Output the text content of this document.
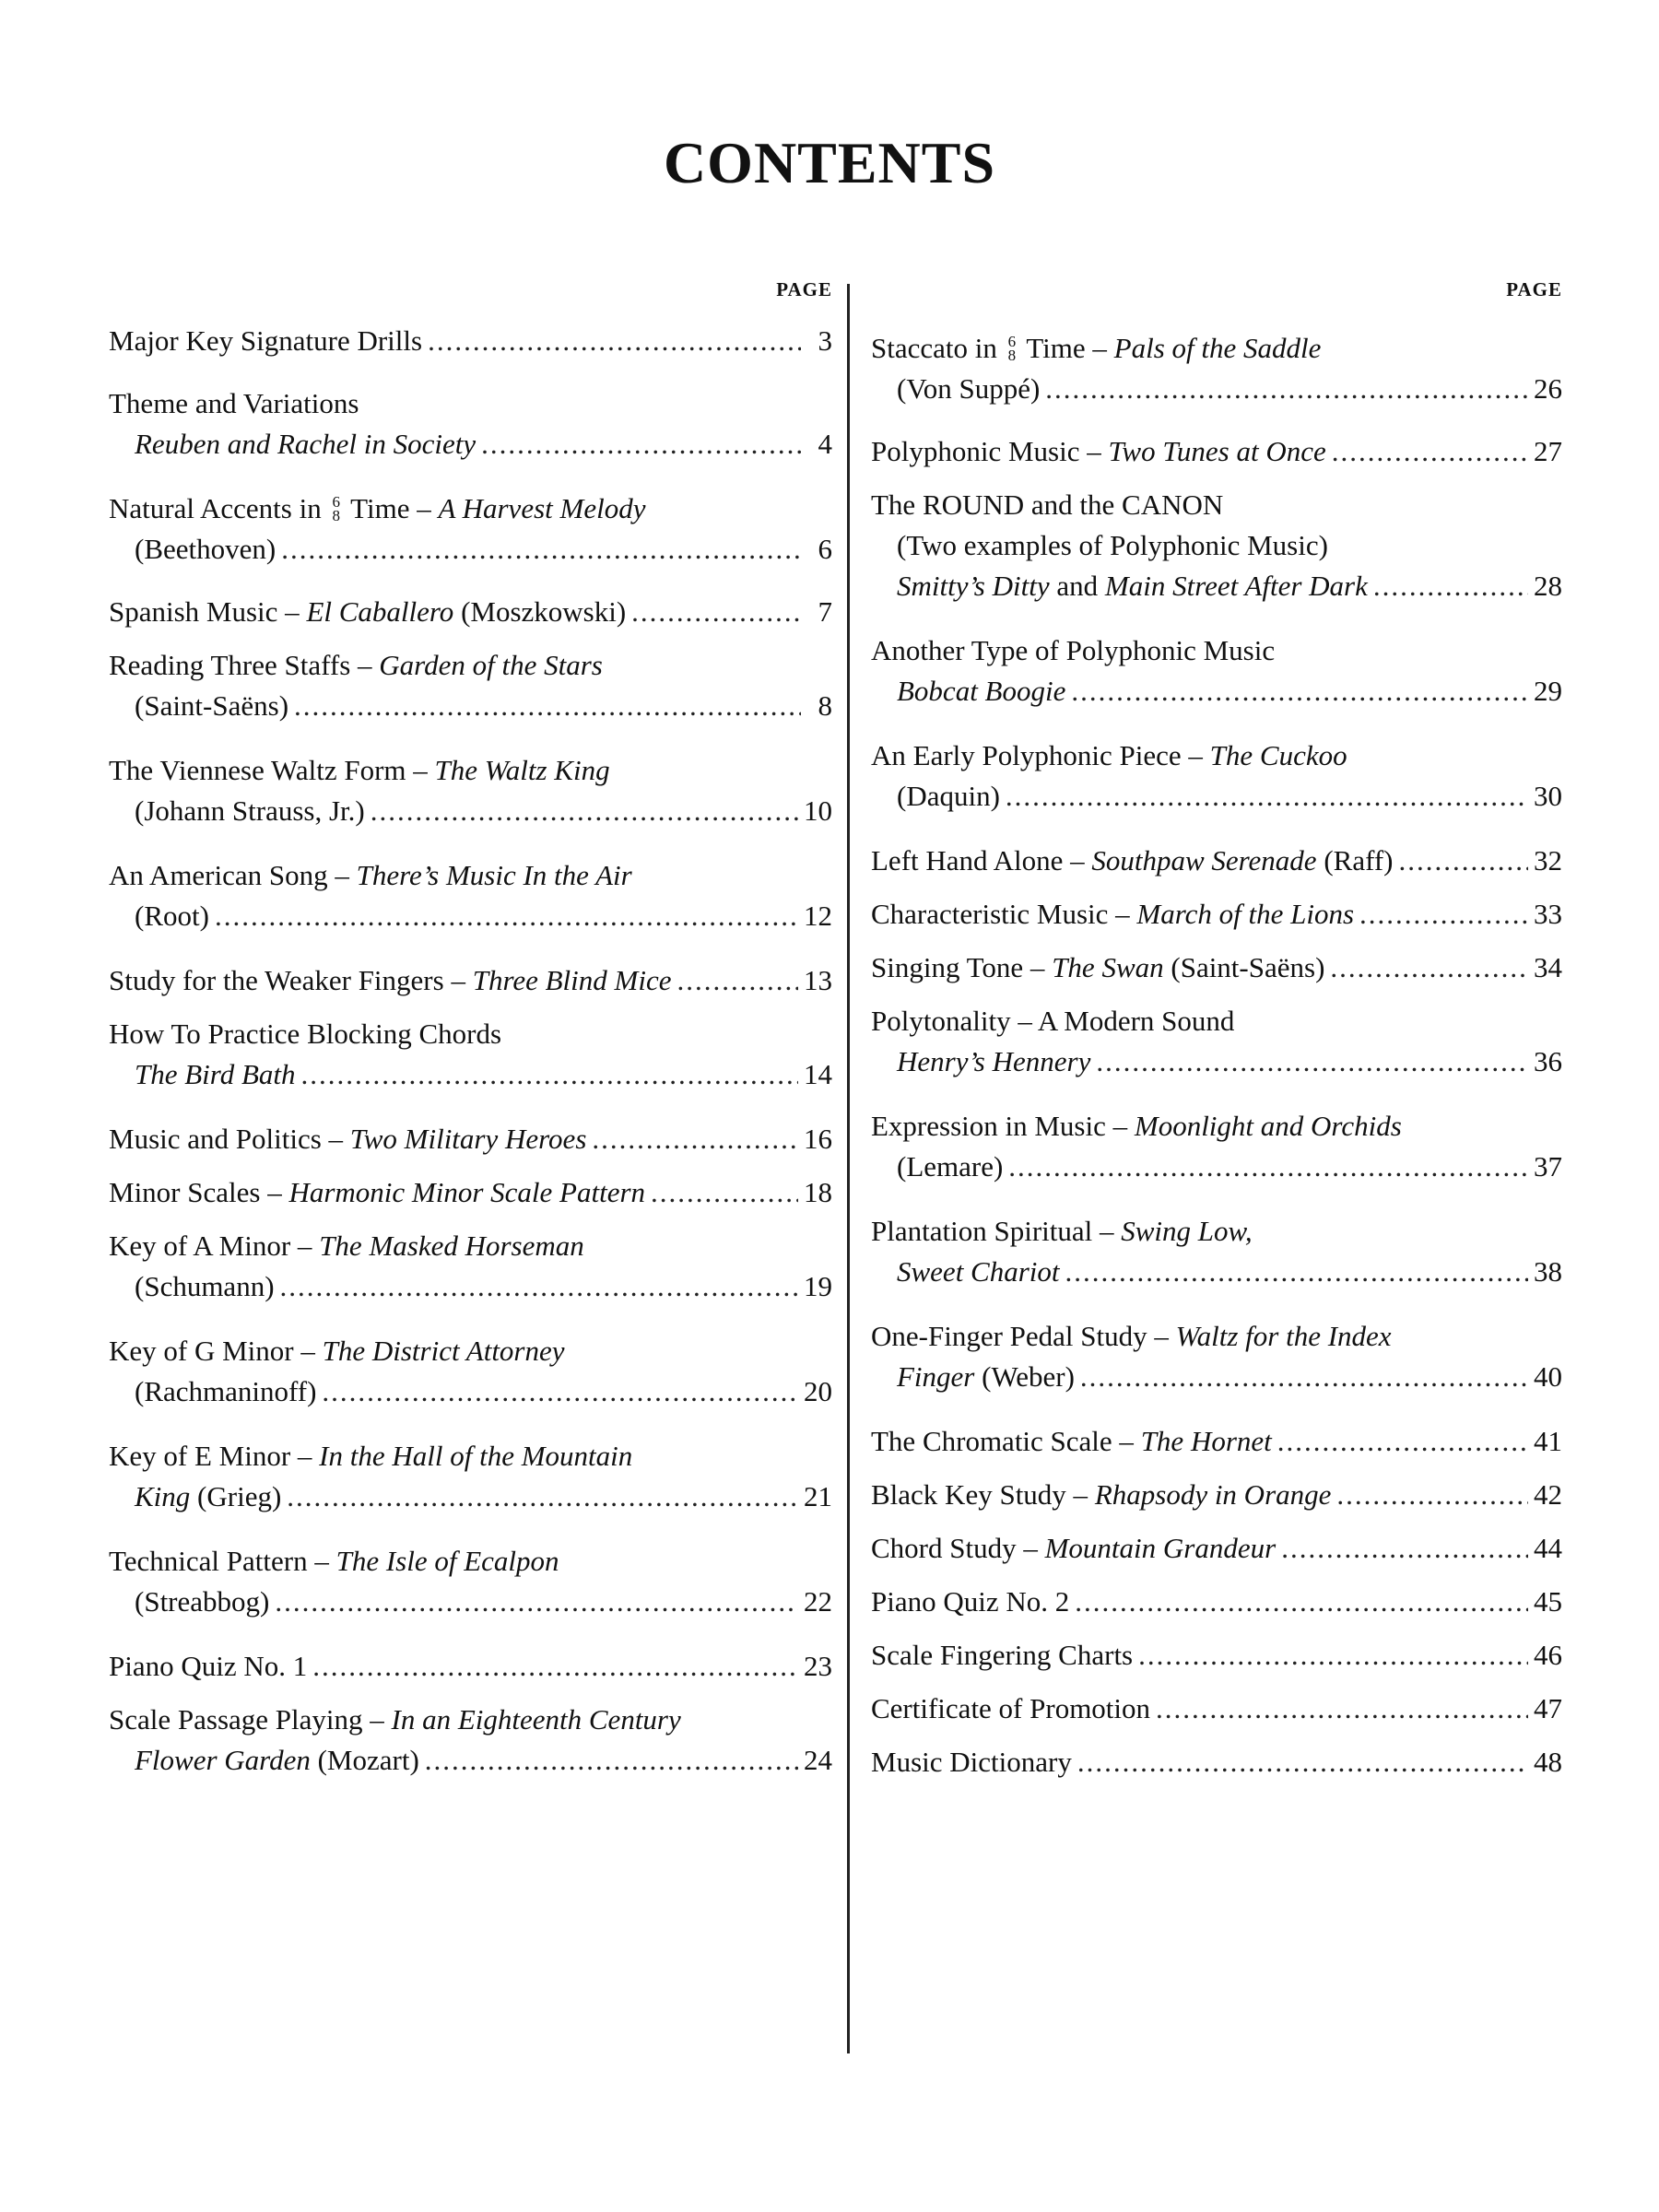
CONTENTS
PAGE
Major Key Signature Drills .....	3
Theme and Variations
Reuben and Rachel in Society .....	4
Natural Accents in 6
8 Time – A Harvest Melody
(Beethoven) .....	6
Spanish Music – El Caballero (Moszkowski) .....	7
Reading Three Staffs – Garden of the Stars
(Saint-Saëns) .....	8
The Viennese Waltz Form – The Waltz King
(Johann Strauss, Jr.) .....	10
An American Song – There’s Music In the Air
(Root) .....	12
Study for the Weaker Fingers – Three Blind Mice .....	13
How To Practice Blocking Chords
The Bird Bath .....	14
Music and Politics – Two Military Heroes .....	16
Minor Scales – Harmonic Minor Scale Pattern .....	18
Key of A Minor – The Masked Horseman
(Schumann) .....	19
Key of G Minor – The District Attorney
(Rachmaninoff) .....	20
Key of E Minor – In the Hall of the Mountain
King (Grieg) .....	21
Technical Pattern – The Isle of Ecalpon
(Streabbog) .....	22
Piano Quiz No. 1 .....	23
Scale Passage Playing – In an Eighteenth Century
Flower Garden (Mozart) .....	24
PAGE
Staccato in 6
8 Time – Pals of the Saddle
(Von Suppé) .....	26
Polyphonic Music – Two Tunes at Once .....	27
The ROUND and the CANON
(Two examples of Polyphonic Music)
Smitty’s Ditty and Main Street After Dark .....	28
Another Type of Polyphonic Music
Bobcat Boogie .....	29
An Early Polyphonic Piece – The Cuckoo
(Daquin) .....	30
Left Hand Alone – Southpaw Serenade (Raff) .....	32
Characteristic Music – March of the Lions .....	33
Singing Tone – The Swan (Saint-Saëns) .....	34
Polytonality – A Modern Sound
Henry’s Hennery .....	36
Expression in Music – Moonlight and Orchids
(Lemare) .....	37
Plantation Spiritual – Swing Low,
Sweet Chariot .....	38
One-Finger Pedal Study – Waltz for the Index
Finger (Weber) .....	40
The Chromatic Scale – The Hornet .....	41
Black Key Study – Rhapsody in Orange .....	42
Chord Study – Mountain Grandeur .....	44
Piano Quiz No. 2 .....	45
Scale Fingering Charts .....	46
Certificate of Promotion .....	47
Music Dictionary .....	48
